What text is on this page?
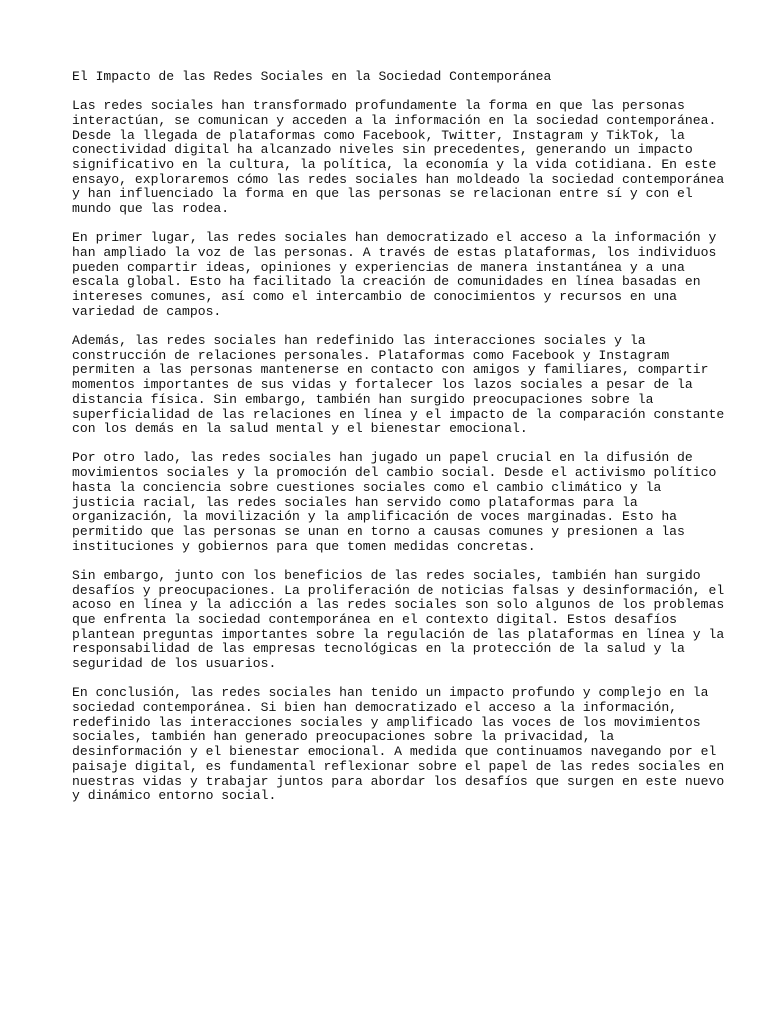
El Impacto de las Redes Sociales en la Sociedad Contemporánea
Las redes sociales han transformado profundamente la forma en que las personas
interactúan, se comunican y acceden a la información en la sociedad contemporánea.
Desde la llegada de plataformas como Facebook, Twitter, Instagram y TikTok, la
conectividad digital ha alcanzado niveles sin precedentes, generando un impacto
significativo en la cultura, la política, la economía y la vida cotidiana. En este
ensayo, exploraremos cómo las redes sociales han moldeado la sociedad contemporánea
y han influenciado la forma en que las personas se relacionan entre sí y con el
mundo que las rodea.
En primer lugar, las redes sociales han democratizado el acceso a la información y
han ampliado la voz de las personas. A través de estas plataformas, los individuos
pueden compartir ideas, opiniones y experiencias de manera instantánea y a una
escala global. Esto ha facilitado la creación de comunidades en línea basadas en
intereses comunes, así como el intercambio de conocimientos y recursos en una
variedad de campos.
Además, las redes sociales han redefinido las interacciones sociales y la
construcción de relaciones personales. Plataformas como Facebook y Instagram
permiten a las personas mantenerse en contacto con amigos y familiares, compartir
momentos importantes de sus vidas y fortalecer los lazos sociales a pesar de la
distancia física. Sin embargo, también han surgido preocupaciones sobre la
superficialidad de las relaciones en línea y el impacto de la comparación constante
con los demás en la salud mental y el bienestar emocional.
Por otro lado, las redes sociales han jugado un papel crucial en la difusión de
movimientos sociales y la promoción del cambio social. Desde el activismo político
hasta la conciencia sobre cuestiones sociales como el cambio climático y la
justicia racial, las redes sociales han servido como plataformas para la
organización, la movilización y la amplificación de voces marginadas. Esto ha
permitido que las personas se unan en torno a causas comunes y presionen a las
instituciones y gobiernos para que tomen medidas concretas.
Sin embargo, junto con los beneficios de las redes sociales, también han surgido
desafíos y preocupaciones. La proliferación de noticias falsas y desinformación, el
acoso en línea y la adicción a las redes sociales son solo algunos de los problemas
que enfrenta la sociedad contemporánea en el contexto digital. Estos desafíos
plantean preguntas importantes sobre la regulación de las plataformas en línea y la
responsabilidad de las empresas tecnológicas en la protección de la salud y la
seguridad de los usuarios.
En conclusión, las redes sociales han tenido un impacto profundo y complejo en la
sociedad contemporánea. Si bien han democratizado el acceso a la información,
redefinido las interacciones sociales y amplificado las voces de los movimientos
sociales, también han generado preocupaciones sobre la privacidad, la
desinformación y el bienestar emocional. A medida que continuamos navegando por el
paisaje digital, es fundamental reflexionar sobre el papel de las redes sociales en
nuestras vidas y trabajar juntos para abordar los desafíos que surgen en este nuevo
y dinámico entorno social.
